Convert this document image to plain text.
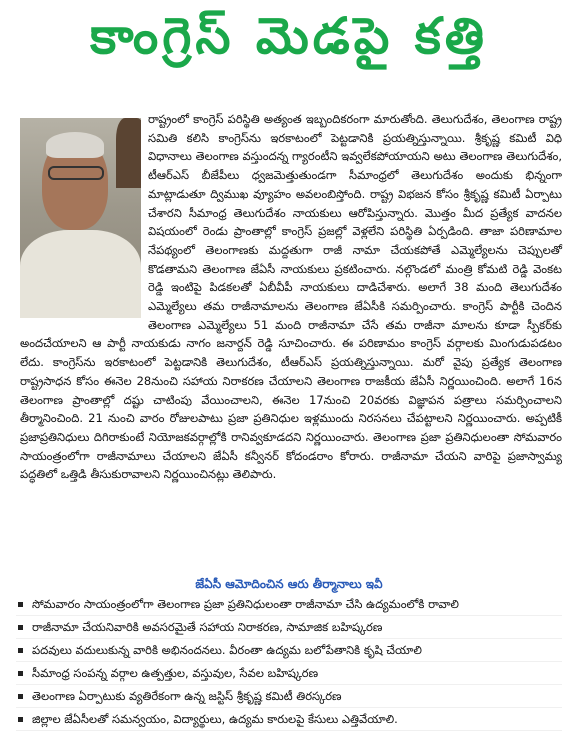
కాంగ్రెస్ మెడపై కత్తి
రాష్ట్రంలో కాంగ్రెస్ పరిస్థితి అత్యంత ఇబ్బందికరంగా మారుతోంది. తెలుగుదేశం, తెలంగాణ రాష్ట్ర సమితి కలిసి కాంగ్రెస్‌ను ఇరకాటంలో పెట్టడానికి ప్రయత్నిస్తున్నాయి. శ్రీకృష్ణ కమిటీ విధి విధానాలు తెలంగాణ వస్తుందన్న గ్యారంటీని ఇవ్వలేకపోయాయని అటు తెలంగాణ తెలుగుదేశం, టీఆర్‌ఎస్ బీజేపీలు ధ్వజమెత్తుతుండగా సీమాంధ్రలో తెలుగుదేశం అందుకు భిన్నంగా మాట్లాడుతూ ద్విముఖ వ్యూహం అవలంబిస్తోంది. రాష్ట్ర విభజన కోసం శ్రీకృష్ణ కమిటీ ఏర్పాటు చేశారని సీమాంధ్ర తెలుగుదేశం నాయకులు ఆరోపిస్తున్నారు. మొత్తం మీద ప్రత్యేక వాదనల విషయంలో రెండు ప్రాంతాల్లో కాంగ్రెస్ ప్రజల్లో వెళ్లలేని పరిస్థితి ఏర్పడింది. తాజా పరిణామాల నేపథ్యంలో తెలంగాణకు మద్దతుగా రాజీ నామా చేయకపోతే ఎమ్మెల్యేలను చెప్పులతో కొడతామని తెలంగాణ జేఏసీ నాయకులు ప్రకటించారు. నల్గొండలో మంత్రి కోమటి రెడ్డి వెంకట రెడ్డి ఇంటిపై పిడకలతో ఏబీవీపీ నాయకులు దాడిచేశారు. అలాగే 38 మంది తెలుగుదేశం ఎమ్మెల్యేలు తమ రాజీనామాలను తెలంగాణ జేఏసీకి సమర్పించారు. కాంగ్రెస్ పార్టీకి చెందిన తెలంగాణ ఎమ్మెల్యేలు 51 మంది రాజీనామా చేసే తమ రాజీనా మాలను కూడా స్పీకర్‌కు అందచేయాలని ఆ పార్టీ నాయకుడు నాగం జనార్దన్ రెడ్డి సూచించారు. ఈ పరిణామం కాంగ్రెస్ వర్గాలకు మింగుడుపడటం లేదు. కాంగ్రెస్‌ను ఇరకాటంలో పెట్టడానికి తెలుగుదేశం, టీఆర్‌ఎస్ ప్రయత్నిస్తున్నాయి. మరో వైపు ప్రత్యేక తెలంగాణ రాష్ట్రసాధన కోసం ఈనెల 28నుంచి సహాయ నిరాకరణ చేయాలని తెలంగాణ రాజకీయ జేఏసీ నిర్ణయించింది. అలాగే 16న తెలంగాణ ప్రాంతాల్లో దష్టు చాటింపు వేయించాలని, ఈనెల 17నుంచి 20వరకు విజ్ఞాపన పత్రాలు సమర్పించాలని తీర్మానించింది. 21 నుంచి వారం రోజులపాటు ప్రజా ప్రతినిధుల ఇళ్లముందు నిరసనలు చేపట్టాలని నిర్ణయించారు. అప్పటికీ ప్రజాప్రతినిధులు దిగిరాకుంటే నియోజకవర్గాల్లోకి రానివ్వకూడదని నిర్ణయించారు. తెలంగాణ ప్రజా ప్రతినిధులంతా సోమవారం సాయంత్రంలోగా రాజీనామాలు చేయాలని జేఏసీ కన్వీనర్ కోదండరాం కోరారు. రాజీనామా చేయని వారిపై ప్రజాస్వామ్య పద్ధతిలో ఒత్తిడి తీసుకురావాలని నిర్ణయించినట్లు తెలిపారు.
జేఏసీ ఆమోదించిన ఆరు తీర్మానాలు ఇవీ
సోమవారం సాయంత్రంలోగా తెలంగాణ ప్రజా ప్రతినిధులంతా రాజీనామా చేసి ఉద్యమంలోకి రావాలి
రాజీనామా చేయనివారికి అవసరమైతే సహాయ నిరాకరణ, సామాజిక బహిష్కరణ
పదవులు వదులుకున్న వారికి అభినందనలు. వీరంతా ఉద్యమ బలోపేతానికి కృషి చేయాలి
సీమాంధ్ర సంపన్న వర్గాల ఉత్పత్తుల, వస్తువుల, సేవల బహిష్కరణ
తెలంగాణ ఏర్పాటుకు వ్యతిరేకంగా ఉన్న జస్టిస్ శ్రీకృష్ణ కమిటీ తిరస్కరణ
జిల్లాల జేఏసీలతో సమన్వయం, విద్యార్థులు, ఉద్యమ కారులపై కేసులు ఎత్తివేయాలి.
